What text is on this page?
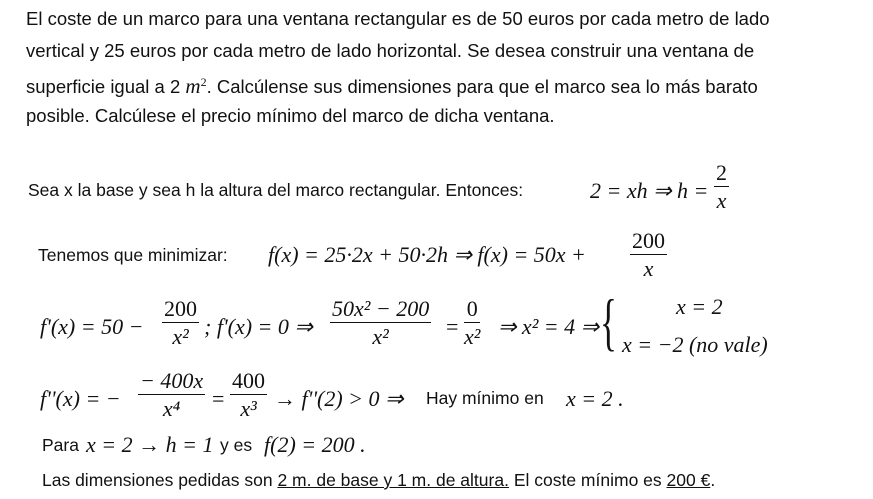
El coste de un marco para una ventana rectangular es de 50 euros por cada metro de lado
vertical y 25 euros por cada metro de lado horizontal. Se desea construir una ventana de
superficie igual a 2 $m^2$. Calcúlense sus dimensiones para que el marco sea lo más barato
posible. Calcúlese el precio mínimo del marco de dicha ventana.
Sea x la base y sea h la altura del marco rectangular. Entonces:	2 = xh ⇒ $h = \frac{2}{x}$
Tenemos que minimizar: f(x) = 25·2x + 50·2h ⇒ $f(x) = 50x + \frac{200}{x}$
$f'(x) = 50 - \frac{200}{\text{x²}}$ ; f'(x) = 0 ⇒ $\frac{\text{50x² − 200}}{\text{x²}} = \frac{0}{\text{x²}}$ ⇒ x² = 4 ⇒ {	x = 2
x = −2 (no vale)
f''(x) = − $\frac{- 400x}{\text{x⁴}} = \frac{400}{\text{x³}} \to f''(2) > 0$ ⇒ Hay mínimo en x = 2 .
Para x = 2 → h = 1 y es f(2) = 200 .
Las dimensiones pedidas son 2 m. de base y 1 m. de altura. El coste mínimo es 200 €.
